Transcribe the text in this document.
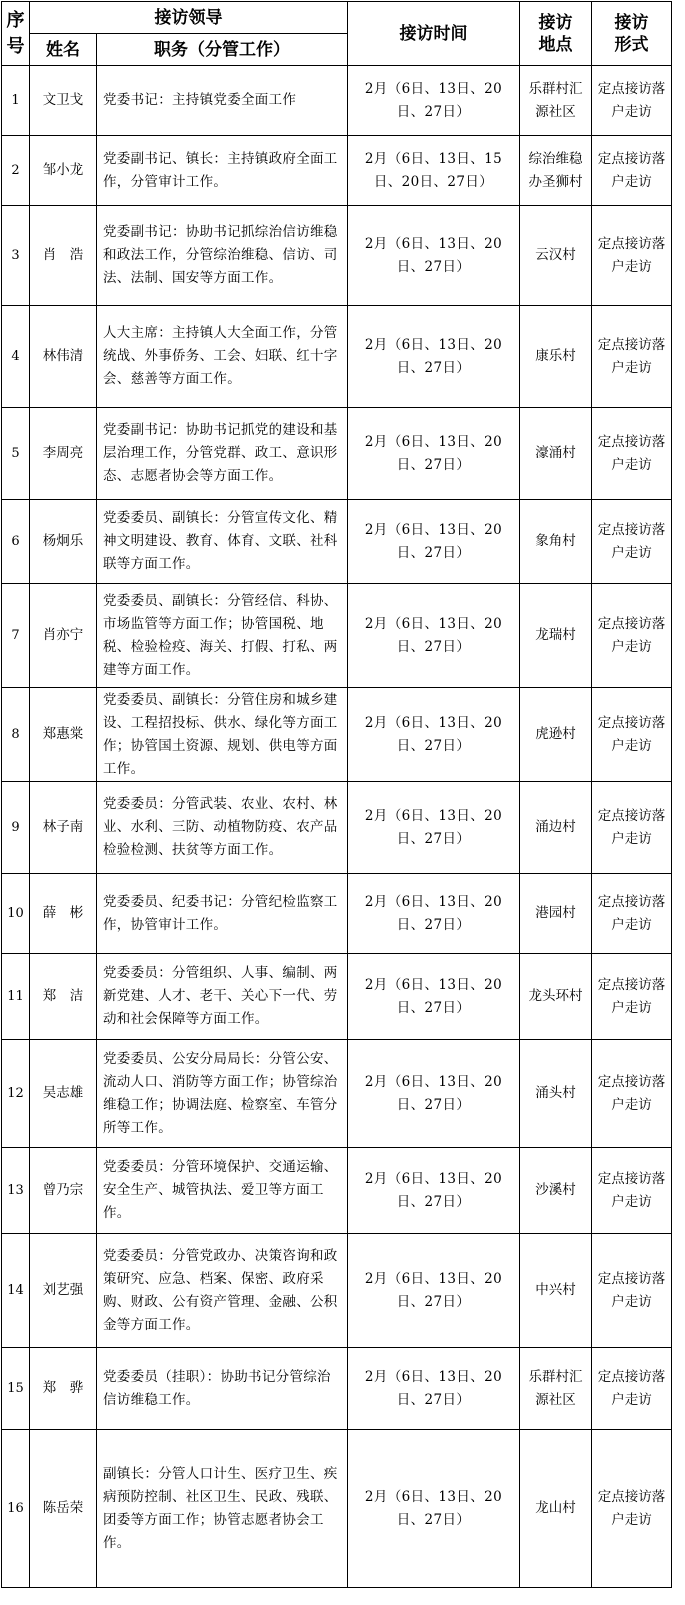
序号	接访领导		接访时间	接访地点	接访形式
	姓名	职务（分管工作）			
1	文卫戈	党委书记：主持镇党委全面工作	2月（6日、13日、20日、27日）	乐群村汇源社区	定点接访落户走访
2	邹小龙	党委副书记、镇长：主持镇政府全面工作，分管审计工作。	2月（6日、13日、15日、20日、27日）	综治维稳办圣狮村	定点接访落户走访
3	肖　浩	党委副书记：协助书记抓综治信访维稳和政法工作，分管综治维稳、信访、司法、法制、国安等方面工作。	2月（6日、13日、20日、27日）	云汉村	定点接访落户走访
4	林伟清	人大主席：主持镇人大全面工作，分管统战、外事侨务、工会、妇联、红十字会、慈善等方面工作。	2月（6日、13日、20日、27日）	康乐村	定点接访落户走访
5	李周亮	党委副书记：协助书记抓党的建设和基层治理工作，分管党群、政工、意识形态、志愿者协会等方面工作。	2月（6日、13日、20日、27日）	濠涌村	定点接访落户走访
6	杨炯乐	党委委员、副镇长：分管宣传文化、精神文明建设、教育、体育、文联、社科联等方面工作。	2月（6日、13日、20日、27日）	象角村	定点接访落户走访
7	肖亦宁	党委委员、副镇长：分管经信、科协、市场监管等方面工作；协管国税、地税、检验检疫、海关、打假、打私、两建等方面工作。	2月（6日、13日、20日、27日）	龙瑞村	定点接访落户走访
8	郑惠棠	党委委员、副镇长：分管住房和城乡建设、工程招投标、供水、绿化等方面工作；协管国土资源、规划、供电等方面工作。	2月（6日、13日、20日、27日）	虎逊村	定点接访落户走访
9	林子南	党委委员：分管武装、农业、农村、林业、水利、三防、动植物防疫、农产品检验检测、扶贫等方面工作。	2月（6日、13日、20日、27日）	涌边村	定点接访落户走访
10	薛　彬	党委委员、纪委书记：分管纪检监察工作，协管审计工作。	2月（6日、13日、20日、27日）	港园村	定点接访落户走访
11	郑　洁	党委委员：分管组织、人事、编制、两新党建、人才、老干、关心下一代、劳动和社会保障等方面工作。	2月（6日、13日、20日、27日）	龙头环村	定点接访落户走访
12	吴志雄	党委委员、公安分局局长：分管公安、流动人口、消防等方面工作；协管综治维稳工作；协调法庭、检察室、车管分所等工作。	2月（6日、13日、20日、27日）	涌头村	定点接访落户走访
13	曾乃宗	党委委员：分管环境保护、交通运输、安全生产、城管执法、爱卫等方面工作。	2月（6日、13日、20日、27日）	沙溪村	定点接访落户走访
14	刘艺强	党委委员：分管党政办、决策咨询和政策研究、应急、档案、保密、政府采购、财政、公有资产管理、金融、公积金等方面工作。	2月（6日、13日、20日、27日）	中兴村	定点接访落户走访
15	郑　骅	党委委员（挂职）：协助书记分管综治信访维稳工作。	2月（6日、13日、20日、27日）	乐群村汇源社区	定点接访落户走访
16	陈岳荣	副镇长：分管人口计生、医疗卫生、疾病预防控制、社区卫生、民政、残联、团委等方面工作；协管志愿者协会工作。	2月（6日、13日、20日、27日）	龙山村	定点接访落户走访
